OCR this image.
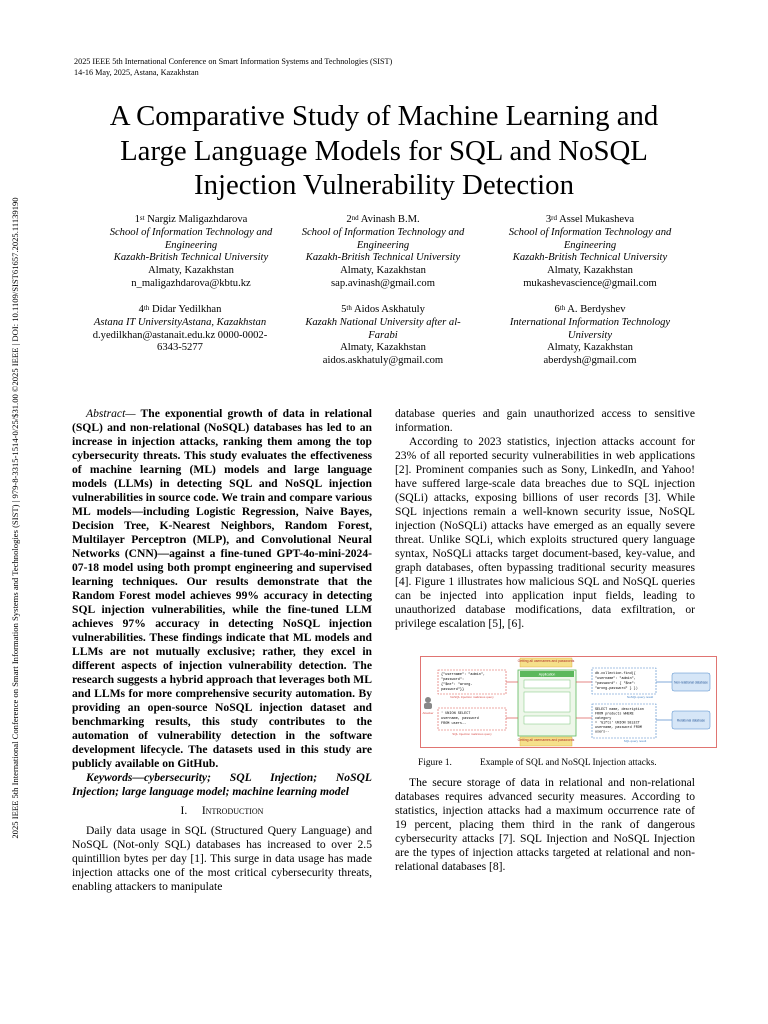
2025 IEEE 5th International Conference on Smart Information Systems and Technologies (SIST)
14-16 May, 2025, Astana, Kazakhstan
2025 IEEE 5th International Conference on Smart Information Systems and Technologies (SIST) | 979-8-3315-1514-0/25/$31.00 ©2025 IEEE | DOI: 10.1109/SIST61657.2025.11139190
A Comparative Study of Machine Learning and
Large Language Models for SQL and NoSQL
Injection Vulnerability Detection
1st Nargiz Maligazhdarova
School of Information Technology and
Engineering
Kazakh-British Technical University
Almaty, Kazakhstan
n_maligazhdarova@kbtu.kz
2nd Avinash B.M.
School of Information Technology and
Engineering
Kazakh-British Technical University
Almaty, Kazakhstan
sap.avinash@gmail.com
3rd Assel Mukasheva
School of Information Technology and
Engineering
Kazakh-British Technical University
Almaty, Kazakhstan
mukashevascience@gmail.com
4th Didar Yedilkhan
Astana IT UniversityAstana, Kazakhstan
d.yedilkhan@astanait.edu.kz 0000-0002-
6343-5277
5th Aidos Askhatuly
Kazakh National University after al-
Farabi
Almaty, Kazakhstan
aidos.askhatuly@gmail.com
6th A. Berdyshev
International Information Technology
University
Almaty, Kazakhstan
aberdysh@gmail.com

Abstract— The exponential growth of data in relational (SQL) and non-relational (NoSQL) databases has led to an increase in injection attacks, ranking them among the top cybersecurity threats. This study evaluates the effectiveness of machine learning (ML) models and large language models (LLMs) in detecting SQL and NoSQL injection vulnerabilities in source code. We train and compare various ML models—including Logistic Regression, Naive Bayes, Decision Tree, K-Nearest Neighbors, Random Forest, Multilayer Perceptron (MLP), and Convolutional Neural Networks (CNN)—against a fine-tuned GPT-4o-mini-2024-07-18 model using both prompt engineering and supervised learning techniques. Our results demonstrate that the Random Forest model achieves 99% accuracy in detecting SQL injection vulnerabilities, while the fine-tuned LLM achieves 97% accuracy in detecting NoSQL injection vulnerabilities. These findings indicate that ML models and LLMs are not mutually exclusive; rather, they excel in different aspects of injection vulnerability detection. The research suggests a hybrid approach that leverages both ML and LLMs for more comprehensive security automation. By providing an open-source NoSQL injection dataset and benchmarking results, this study contributes to the automation of vulnerability detection in the software development lifecycle. The datasets used in this study are publicly available on GitHub.

Keywords—cybersecurity; SQL Injection; NoSQL Injection; large language model; machine learning model

I. Introduction

Daily data usage in SQL (Structured Query Language) and NoSQL (Not-only SQL) databases has increased to over 2.5 quintillion bytes per day [1]. This surge in data usage has made injection attacks one of the most critical cybersecurity threats, enabling attackers to manipulate

database queries and gain unauthorized access to sensitive information.

According to 2023 statistics, injection attacks account for 23% of all reported security vulnerabilities in web applications [2]. Prominent companies such as Sony, LinkedIn, and Yahoo! have suffered large-scale data breaches due to SQL injection (SQLi) attacks, exposing billions of user records [3]. While SQL injections remain a well-known security issue, NoSQL injection (NoSQLi) attacks have emerged as an equally severe threat. Unlike SQLi, which exploits structured query language syntax, NoSQLi attacks target document-based, key-value, and graph databases, often bypassing traditional security measures [4]. Figure 1 illustrates how malicious SQL and NoSQL queries can be injected into application input fields, leading to unauthorized database modifications, data exfiltration, or privilege escalation [5], [6].

Getting all usernames and passwords
{"username": "admin",
"password":
{"$ne": "wrong-
password"}}
NoSQL Injection malicious query
' UNION SELECT
username, password
FROM users--
SQL Injection malicious query
Attacker
Application
Getting all usernames and passwords
db.collection.find({
"username": "admin",
"password": { "$ne":
"wrong-password" } })
NoSQL query result
SELECT name, description
FROM products WHERE
category
= 'Gifts' UNION SELECT
username, password FROM
users--
SQL query result
Non-relational database
Relational database
Figure 1.	Example of SQL and NoSQL Injection attacks.

The secure storage of data in relational and non-relational databases requires advanced security measures. According to statistics, injection attacks had a maximum occurrence rate of 19 percent, placing them third in the rank of dangerous cybersecurity attacks [7]. SQL Injection and NoSQL Injection are the types of injection attacks targeted at relational and non-relational databases [8].
